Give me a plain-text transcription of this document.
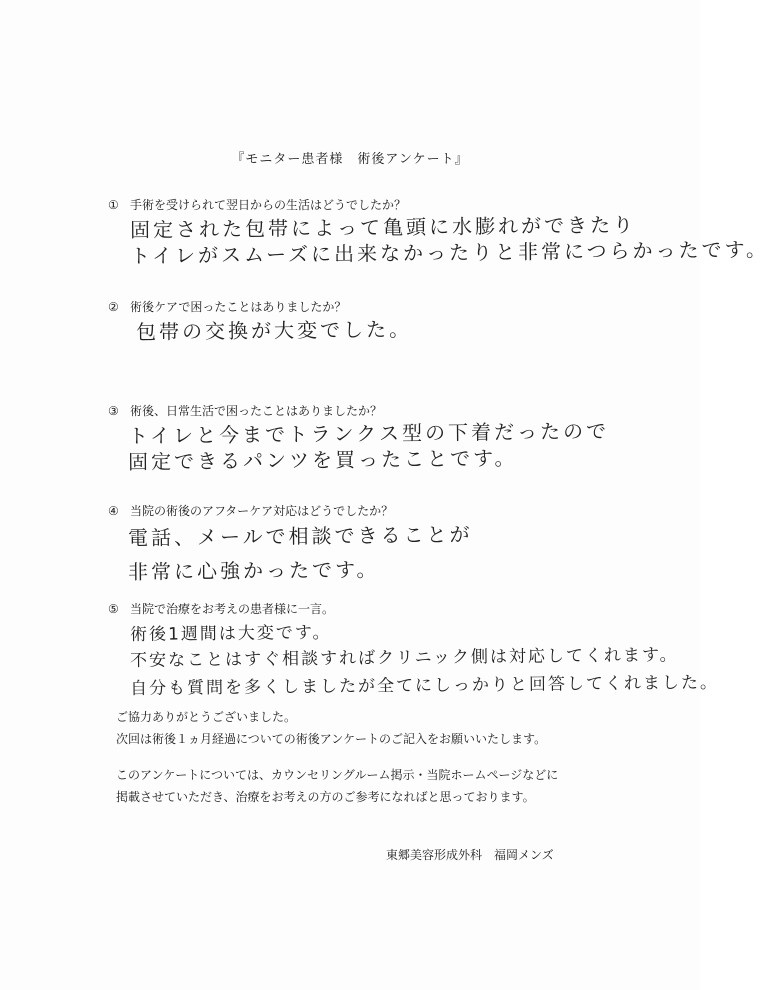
『モニター患者様　術後アンケート』
① 手術を受けられて翌日からの生活はどうでしたか？
固定された包帯によって亀頭に水膨れができたり
トイレがスムーズに出来なかったりと非常につらかったです。
② 術後ケアで困ったことはありましたか？
包帯の交換が大変でした。
③ 術後、日常生活で困ったことはありましたか？
トイレと今までトランクス型の下着だったので
固定できるパンツを買ったことです。
④ 当院の術後のアフターケア対応はどうでしたか？
電話、メールで相談できることが
非常に心強かったです。
⑤ 当院で治療をお考えの患者様に一言。
術後1週間は大変です。
不安なことはすぐ相談すればクリニック側は対応してくれます。
自分も質問を多くしましたが全てにしっかりと回答してくれました。
ご協力ありがとうございました。
次回は術後１ヵ月経過についての術後アンケートのご記入をお願いいたします。
このアンケートについては、カウンセリングルーム掲示・当院ホームページなどに
掲載させていただき、治療をお考えの方のご参考になればと思っております。
東郷美容形成外科　福岡メンズ
